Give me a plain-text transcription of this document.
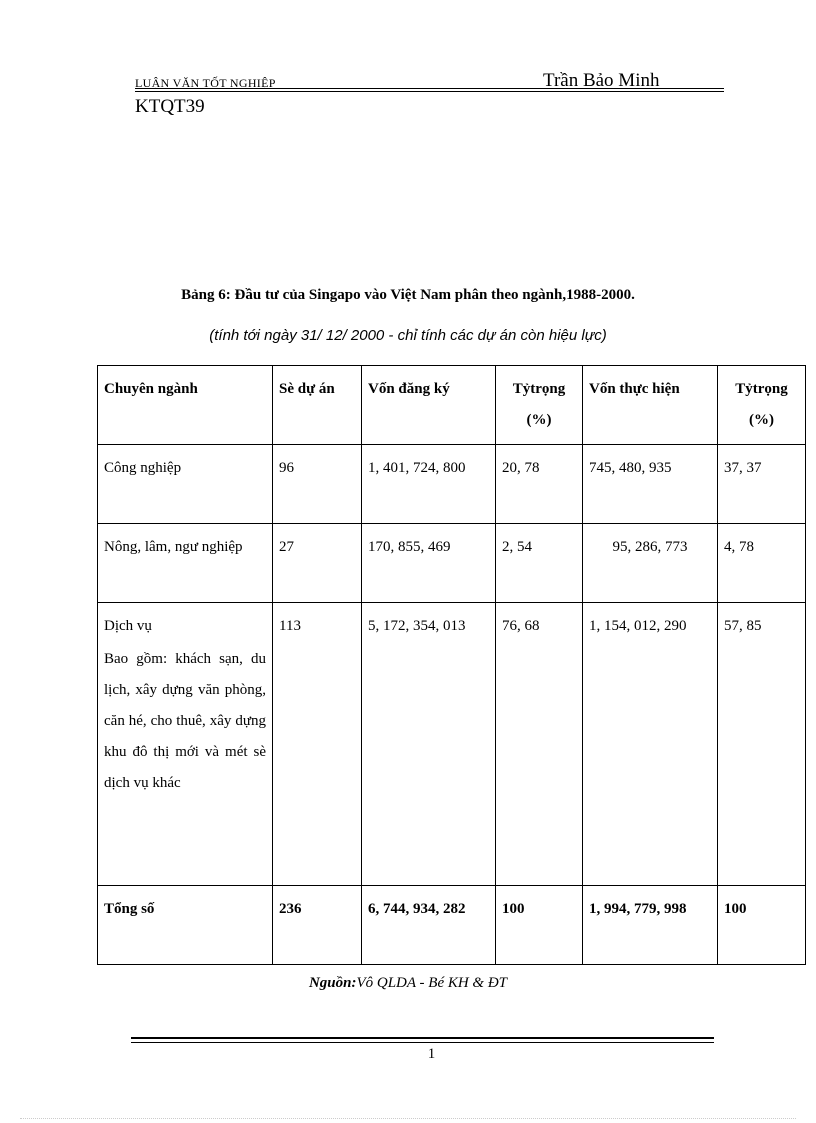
LUẬN VĂN TỐT NGHIỆP	Trần Bảo Minh
KTQT39
Bảng 6: Đầu tư của Singapo vào Việt Nam phân theo ngành,1988-2000.
(tính tới ngày 31/ 12/ 2000 - chỉ tính các dự án còn hiệu lực)
Chuyên ngành	Sè dự án	Vốn đăng ký	Tỷtrọng (%)	Vốn thực hiện	Tỷtrọng (%)
Công nghiệp	96	1, 401, 724, 800	20, 78	745, 480, 935	37, 37
Nông, lâm, ngư nghiệp	27	170, 855, 469	2, 54	95, 286, 773	4, 78

Dịch vụ
Bao gồm: khách sạn, du lịch, xây dựng văn phòng, căn hé, cho thuê, xây dựng khu đô thị mới và mét sè dịch vụ khác	113	5, 172, 354, 013	76, 68	1, 154, 012, 290	57, 85
Tổng số	236	6, 744, 934, 282	100	1, 994, 779, 998	100
Nguồn:Vô QLDA - Bé KH & ĐT
1
